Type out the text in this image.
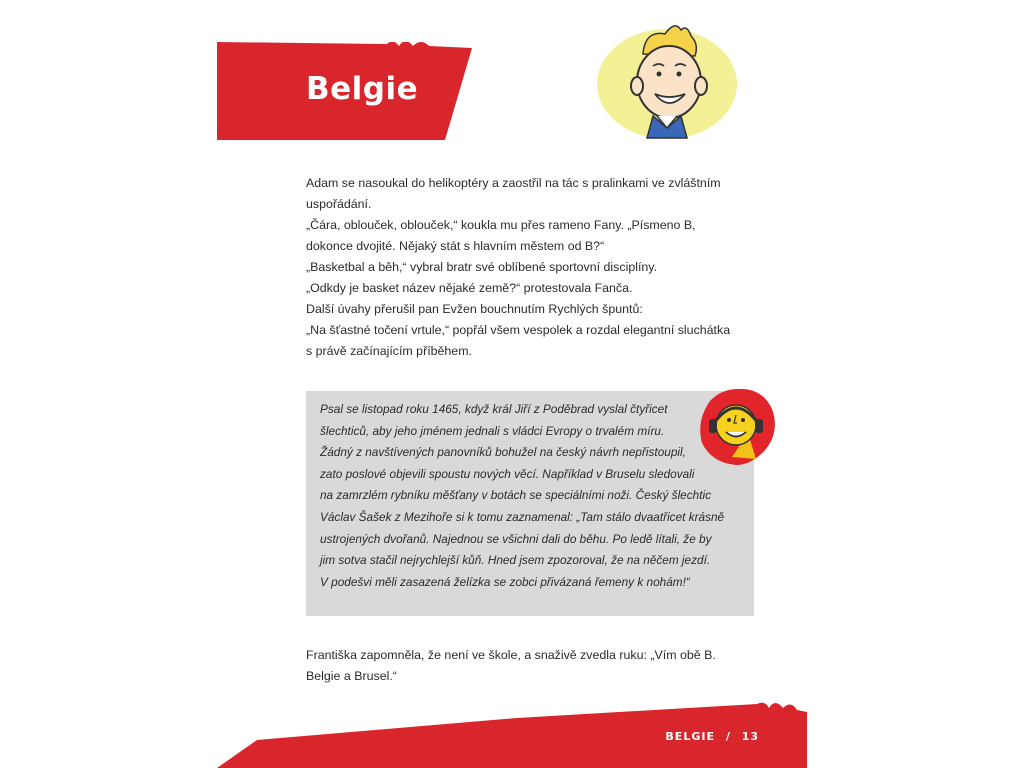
Belgie

Adam se nasoukal do helikoptéry a zaostřil na tác s pralinkami ve zvláštním

uspořádání.

„Čára, oblouček, oblouček,“ koukla mu přes rameno Fany. „Písmeno B,

dokonce dvojité. Nějaký stát s hlavním městem od B?“

„Basketbal a běh,“ vybral bratr své oblíbené sportovní disciplíny.

„Odkdy je basket název nějaké země?“ protestovala Fanča.

Další úvahy přerušil pan Evžen bouchnutím Rychlých špuntů:

„Na šťastné točení vrtule,“ popřál všem vespolek a rozdal elegantní sluchátka

s právě začínajícím příběhem.

Psal se listopad roku 1465, když král Jiří z Poděbrad vyslal čtyřicet

šlechticů, aby jeho jménem jednali s vládci Evropy o trvalém míru.

Žádný z navštívených panovníků bohužel na český návrh nepřistoupil,

zato poslové objevili spoustu nových věcí. Například v Bruselu sledovali

na zamrzlém rybníku měšťany v botách se speciálními noži. Český šlechtic

Václav Šašek z Mezihoře si k tomu zaznamenal: „Tam stálo dvaatřicet krásně

ustrojených dvořanů. Najednou se všichni dali do běhu. Po ledě lítali, že by

jim sotva stačil nejrychlejší kůň. Hned jsem zpozoroval, že na něčem jezdí.

V podešvi měli zasazená želízka se zobci přivázaná řemeny k nohám!“

Františka zapomněla, že není ve škole, a snaživě zvedla ruku: „Vím obě B.

Belgie a Brusel.“

BELGIE / 13
